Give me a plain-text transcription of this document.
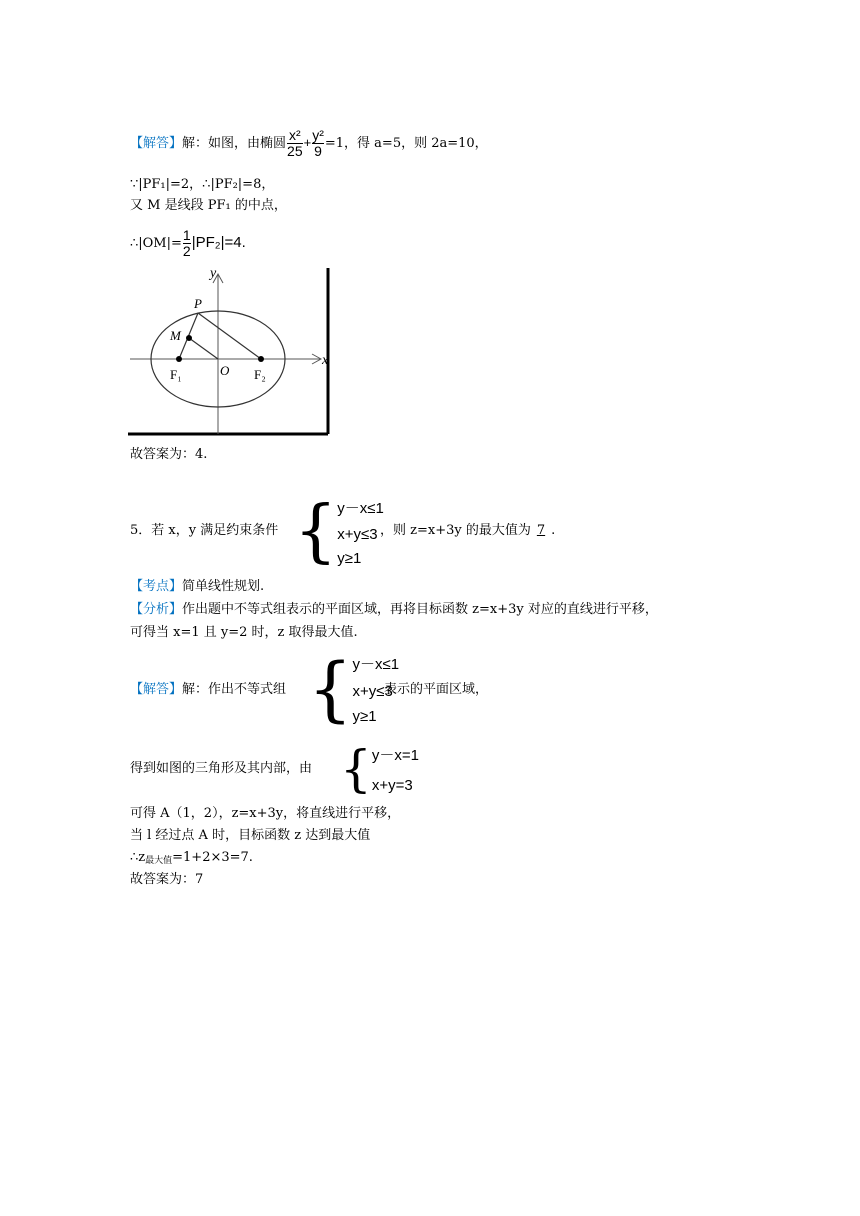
【解答】解：如图，由椭圆 $\frac{\text{x²}}{25} + \frac{\text{y²}}{9} =1$，得 a=5，则 2a=10，
∵|PF₁|=2，∴|PF₂|=8，
又 M 是线段 PF₁ 的中点，
∴|OM|= $\frac{1}{2} |PF_2|=4$.
y
x
P
M
O
F₁	F₂
故答案为：4.
5．若 x，y 满足约束条件 { y－x≤1
x+y≤3
y≥1
，则 z=x+3y 的最大值为 7 .
【考点】简单线性规划.
【分析】作出题中不等式组表示的平面区域，再将目标函数 z=x+3y 对应的直线进行平移，
可得当 x=1 且 y=2 时，z 取得最大值.
【解答】解：作出不等式组 { y－x≤1
x+y≤3
y≥1
表示的平面区域，
得到如图的三角形及其内部，由 { y－x=1
x+y=3
可得 A（1，2），z=x+3y，将直线进行平移，
当 l 经过点 A 时，目标函数 z 达到最大值
∴z最大值=1+2×3=7.
故答案为：7
